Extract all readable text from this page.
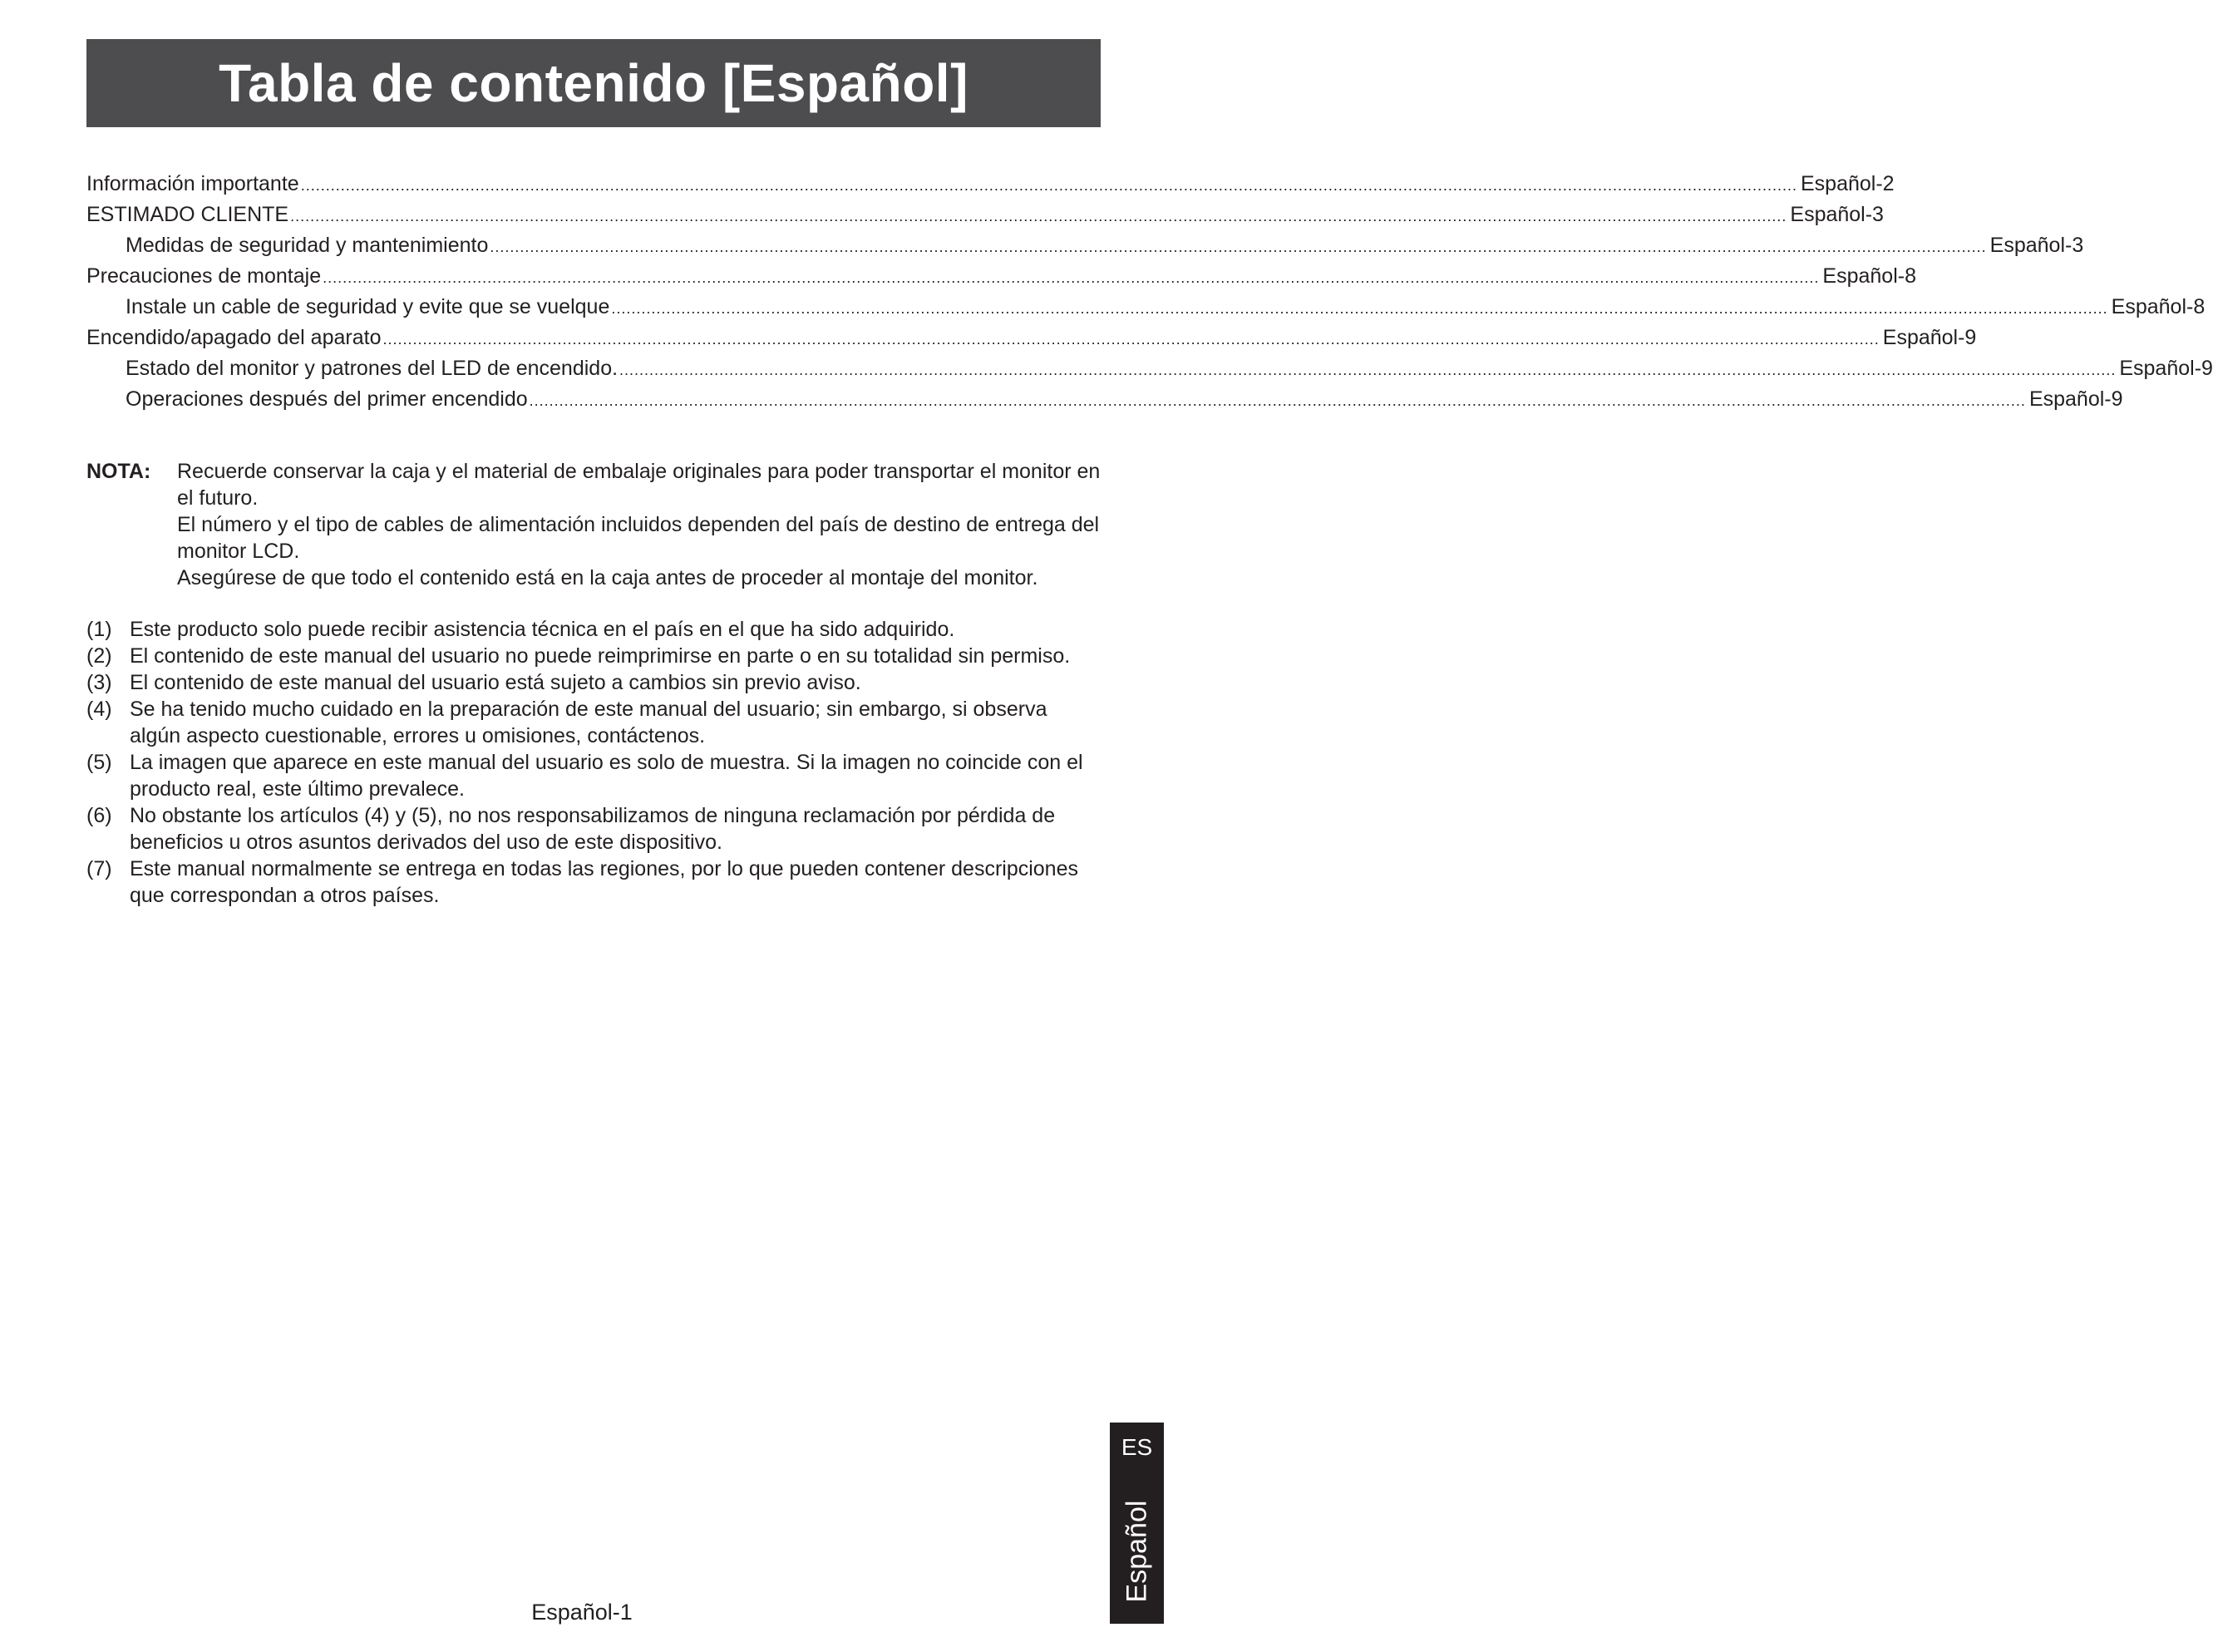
Tabla de contenido [Español]
Información importante ............................................................................................................................................................................................................................................................................................................ Español-2
ESTIMADO CLIENTE ............................................................................................................................................................................................................................................................................................................ Español-3
Medidas de seguridad y mantenimiento ............................................................................................................................................................................................................................................................................................................ Español-3
Precauciones de montaje ............................................................................................................................................................................................................................................................................................................ Español-8
Instale un cable de seguridad y evite que se vuelque ............................................................................................................................................................................................................................................................................................................ Español-8
Encendido/apagado del aparato ............................................................................................................................................................................................................................................................................................................ Español-9
Estado del monitor y patrones del LED de encendido. ............................................................................................................................................................................................................................................................................................................ Español-9
Operaciones después del primer encendido ............................................................................................................................................................................................................................................................................................................ Español-9
NOTA:	Recuerde conservar la caja y el material de embalaje originales para poder transportar el monitor en el futuro.

El número y el tipo de cables de alimentación incluidos dependen del país de destino de entrega del monitor LCD.

Asegúrese de que todo el contenido está en la caja antes de proceder al montaje del monitor.

(1) Este producto solo puede recibir asistencia técnica en el país en el que ha sido adquirido.
(2) El contenido de este manual del usuario no puede reimprimirse en parte o en su totalidad sin permiso.
(3) El contenido de este manual del usuario está sujeto a cambios sin previo aviso.
(4) Se ha tenido mucho cuidado en la preparación de este manual del usuario; sin embargo, si observa algún aspecto cuestionable, errores u omisiones, contáctenos.
(5) La imagen que aparece en este manual del usuario es solo de muestra. Si la imagen no coincide con el producto real, este último prevalece.
(6) No obstante los artículos (4) y (5), no nos responsabilizamos de ninguna reclamación por pérdida de beneficios u otros asuntos derivados del uso de este dispositivo.
(7) Este manual normalmente se entrega en todas las regiones, por lo que pueden contener descripciones que correspondan a otros países.
ES
Español
Español-1
